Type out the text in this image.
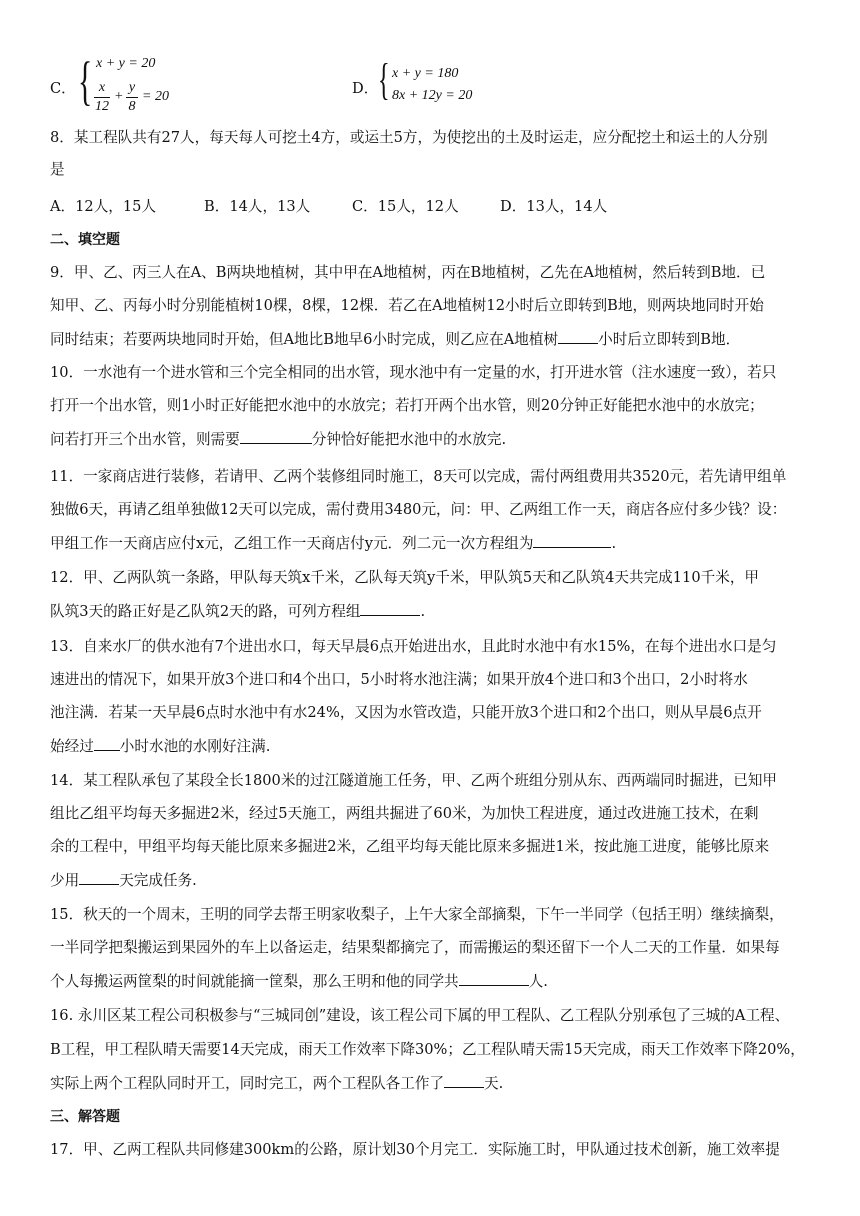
C． { x + y = 20
x
12
+
y
8
= 20	D． { x + y = 180
8x + 12y = 20
8．某工程队共有27人，每天每人可挖土4方，或运土5方，为使挖出的土及时运走，应分配挖土和运土的人分别
是
A．12人，15人	B．14人，13人	C．15人，12人	D．13人，14人
二、填空题
9．甲、乙、丙三人在A、B两块地植树，其中甲在A地植树，丙在B地植树，乙先在A地植树，然后转到B地．已
知甲、乙、丙每小时分别能植树10棵，8棵，12棵．若乙在A地植树12小时后立即转到B地，则两块地同时开始
同时结束；若要两块地同时开始，但A地比B地早6小时完成，则乙应在A地植树	小时后立即转到B地．
10．一水池有一个进水管和三个完全相同的出水管，现水池中有一定量的水，打开进水管（注水速度一致），若只
打开一个出水管，则1小时正好能把水池中的水放完；若打开两个出水管，则20分钟正好能把水池中的水放完；
问若打开三个出水管，则需要	分钟恰好能把水池中的水放完.
11．一家商店进行装修，若请甲、乙两个装修组同时施工，8天可以完成，需付两组费用共3520元，若先请甲组单
独做6天，再请乙组单独做12天可以完成，需付费用3480元，问：甲、乙两组工作一天，商店各应付多少钱？设：
甲组工作一天商店应付x元，乙组工作一天商店付y元．列二元一次方程组为	.
12．甲、乙两队筑一条路，甲队每天筑x千米，乙队每天筑y千米，甲队筑5天和乙队筑4天共完成110千米，甲
队筑3天的路正好是乙队筑2天的路，可列方程组	.
13．自来水厂的供水池有7个进出水口，每天早晨6点开始进出水，且此时水池中有水15%，在每个进出水口是匀
速进出的情况下，如果开放3个进口和4个出口，5小时将水池注满；如果开放4个进口和3个出口，2小时将水
池注满．若某一天早晨6点时水池中有水24%，又因为水管改造，只能开放3个进口和2个出口，则从早晨6点开
始经过 小时水池的水刚好注满.
14．某工程队承包了某段全长1800米的过江隧道施工任务，甲、乙两个班组分别从东、西两端同时掘进，已知甲
组比乙组平均每天多掘进2米，经过5天施工，两组共掘进了60米，为加快工程进度，通过改进施工技术，在剩
余的工程中，甲组平均每天能比原来多掘进2米，乙组平均每天能比原来多掘进1米，按此施工进度，能够比原来
少用	天完成任务.
15．秋天的一个周末，王明的同学去帮王明家收梨子，上午大家全部摘梨，下午一半同学（包括王明）继续摘梨，
一半同学把梨搬运到果园外的车上以备运走，结果梨都摘完了，而需搬运的梨还留下一个人二天的工作量．如果每
个人每搬运两筐梨的时间就能摘一筐梨，那么王明和他的同学共	人.
16. 永川区某工程公司积极参与“三城同创”建设，该工程公司下属的甲工程队、乙工程队分别承包了三城的A工程、
B工程，甲工程队晴天需要14天完成，雨天工作效率下降30%；乙工程队晴天需15天完成，雨天工作效率下降20%，
实际上两个工程队同时开工，同时完工，两个工程队各工作了	天.
三、解答题
17．甲、乙两工程队共同修建300km的公路，原计划30个月完工．实际施工时，甲队通过技术创新，施工效率提
